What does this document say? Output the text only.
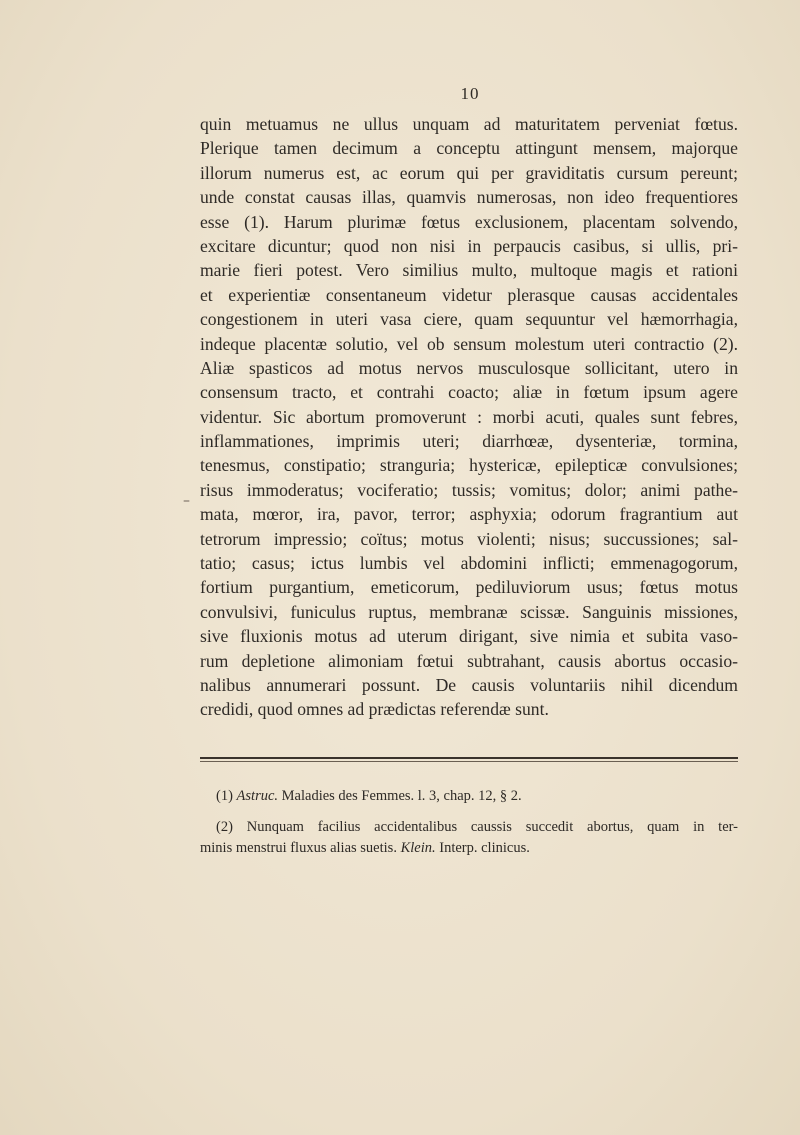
10
quin metuamus ne ullus unquam ad maturitatem perveniat fœtus.
Plerique tamen decimum a conceptu attingunt mensem, majorque
illorum numerus est, ac eorum qui per graviditatis cursum pereunt;
unde constat causas illas, quamvis numerosas, non ideo frequentiores
esse (1). Harum plurimæ fœtus exclusionem, placentam solvendo,
excitare dicuntur; quod non nisi in perpaucis casibus, si ullis, pri-
marie fieri potest. Vero similius multo, multoque magis et rationi
et experientiæ consentaneum videtur plerasque causas accidentales
congestionem in uteri vasa ciere, quam sequuntur vel hæmorrhagia,
indeque placentæ solutio, vel ob sensum molestum uteri contractio (2).
Aliæ spasticos ad motus nervos musculosque sollicitant, utero in
consensum tracto, et contrahi coacto; aliæ in fœtum ipsum agere
videntur. Sic abortum promoverunt : morbi acuti, quales sunt febres,
inflammationes, imprimis uteri; diarrhœæ, dysenteriæ, tormina,
tenesmus, constipatio; stranguria; hystericæ, epilepticæ convulsiones;
risus immoderatus; vociferatio; tussis; vomitus; dolor; animi pathe-
mata, mœror, ira, pavor, terror; asphyxia; odorum fragrantium aut
tetrorum impressio; coïtus; motus violenti; nisus; succussiones; sal-
tatio; casus; ictus lumbis vel abdomini inflicti; emmenagogorum,
fortium purgantium, emeticorum, pediluviorum usus; fœtus motus
convulsivi, funiculus ruptus, membranæ scissæ. Sanguinis missiones,
sive fluxionis motus ad uterum dirigant, sive nimia et subita vaso-
rum depletione alimoniam fœtui subtrahant, causis abortus occasio-
nalibus annumerari possunt. De causis voluntariis nihil dicendum
credidi, quod omnes ad prædictas referendæ sunt.
–
(1) Astruc. Maladies des Femmes. l. 3, chap. 12, § 2.
(2) Nunquam facilius accidentalibus caussis succedit abortus, quam in ter-
minis menstrui fluxus alias suetis. Klein. Interp. clinicus.
